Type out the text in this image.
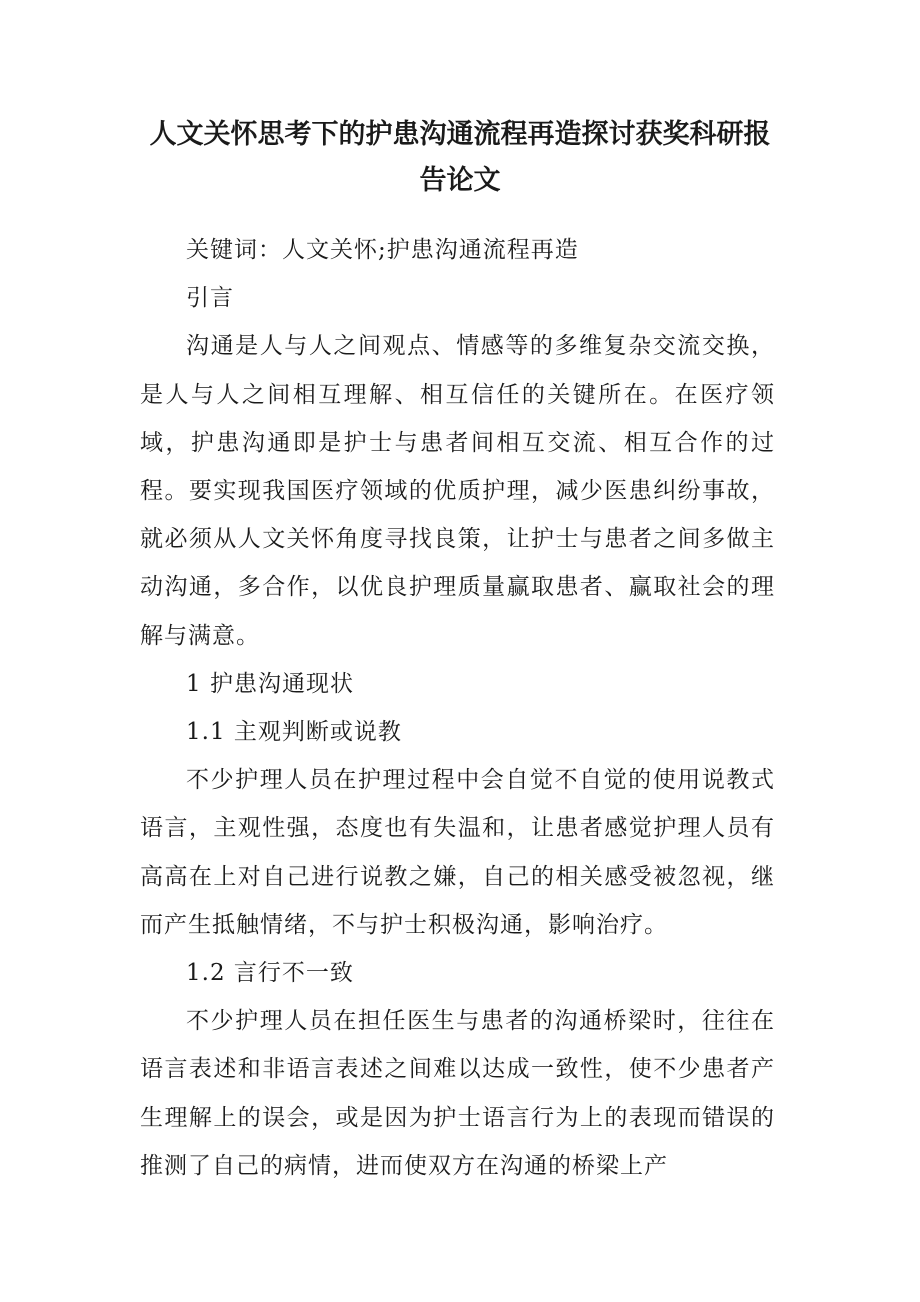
人文关怀思考下的护患沟通流程再造探讨获奖科研报告论文

关键词：人文关怀;护患沟通流程再造

引言

沟通是人与人之间观点、情感等的多维复杂交流交换，是人与人之间相互理解、相互信任的关键所在。在医疗领域，护患沟通即是护士与患者间相互交流、相互合作的过程。要实现我国医疗领域的优质护理，减少医患纠纷事故，就必须从人文关怀角度寻找良策，让护士与患者之间多做主动沟通，多合作，以优良护理质量赢取患者、赢取社会的理解与满意。

1 护患沟通现状

1.1 主观判断或说教

不少护理人员在护理过程中会自觉不自觉的使用说教式语言，主观性强，态度也有失温和，让患者感觉护理人员有高高在上对自己进行说教之嫌，自己的相关感受被忽视，继而产生抵触情绪，不与护士积极沟通，影响治疗。

1.2 言行不一致

不少护理人员在担任医生与患者的沟通桥梁时，往往在语言表述和非语言表述之间难以达成一致性，使不少患者产生理解上的误会，或是因为护士语言行为上的表现而错误的推测了自己的病情，进而使双方在沟通的桥梁上产
